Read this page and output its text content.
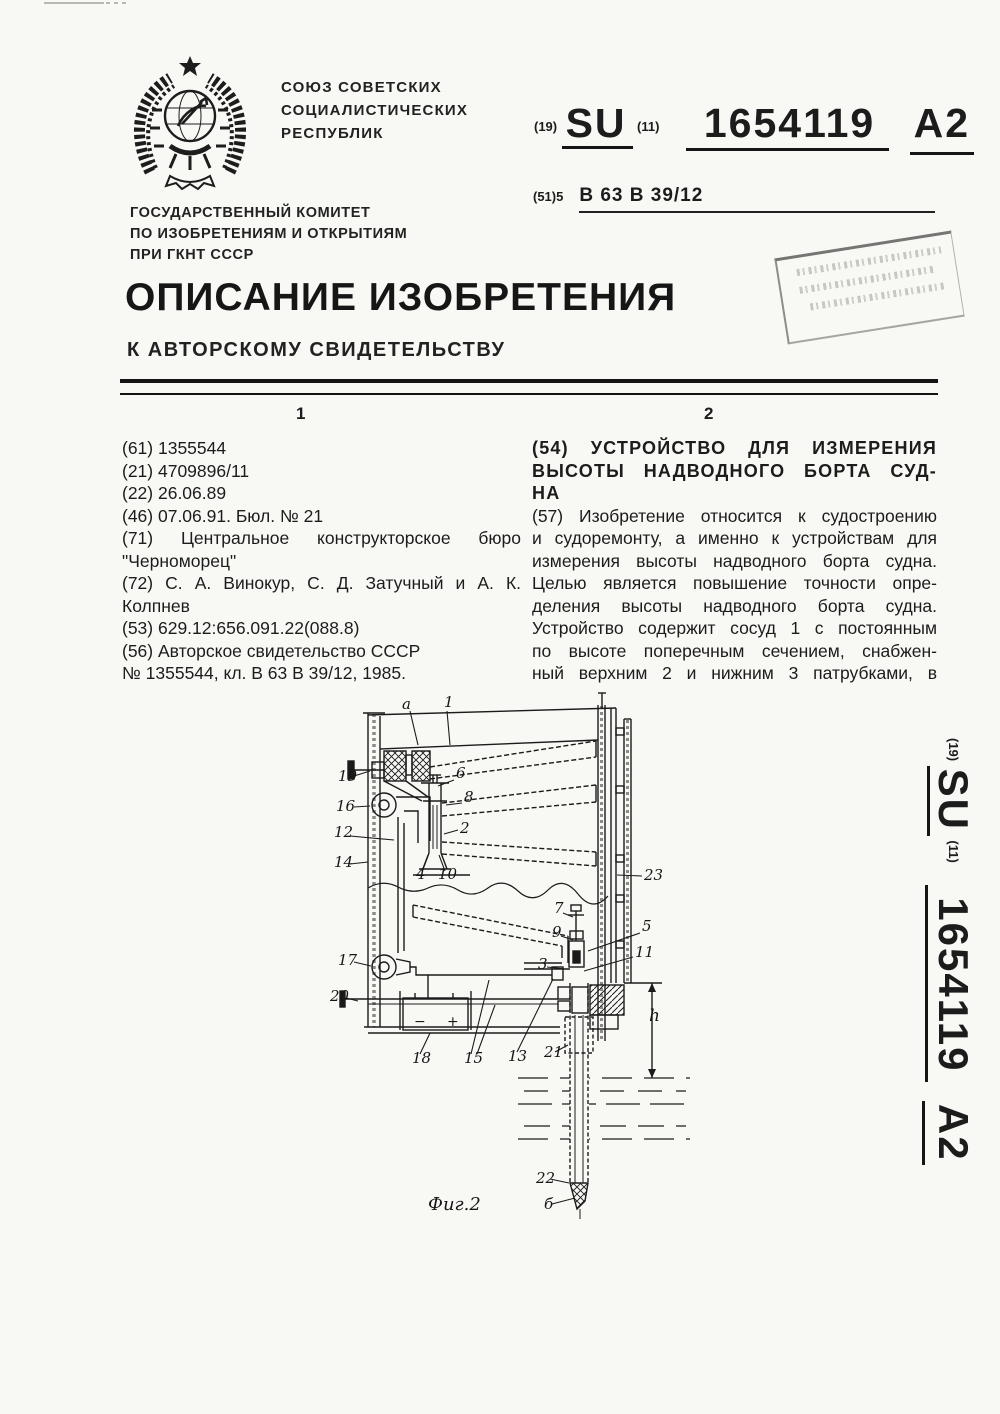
СОЮЗ СОВЕТСКИХ
СОЦИАЛИСТИЧЕСКИХ
РЕСПУБЛИК
ГОСУДАРСТВЕННЫЙ КОМИТЕТ
ПО ИЗОБРЕТЕНИЯМ И ОТКРЫТИЯМ
ПРИ ГКНТ СССР
$^{(19)}$ SU $^{(11)}$ 1654119 A2
(51)5 В 63 В 39/12
ОПИСАНИЕ ИЗОБРЕТЕНИЯ
К АВТОРСКОМУ СВИДЕТЕЛЬСТВУ
1	2
(61) 1355544
(21) 4709896/11
(22) 26.06.89
(46) 07.06.91. Бюл. № 21
(71) Центральное конструкторское бюро
"Черноморец"
(72) С. А. Винокур, С. Д. Затучный и А. К.
Колпнев
(53) 629.12:656.091.22(088.8)
(56) Авторское свидетельство СССР
№ 1355544, кл. В 63 В 39/12, 1985.
(54) УСТРОЙСТВО ДЛЯ ИЗМЕРЕНИЯ
ВЫСОТЫ НАДВОДНОГО БОРТА СУД-
НА
(57) Изобретение относится к судостроению
и судоремонту, а именно к устройствам для
измерения высоты надводного борта судна.
Целью является повышение точности опре-
деления высоты надводного борта судна.
Устройство содержит сосуд 1 с постоянным
по высоте поперечным сечением, снабжен-
ный верхним 2 и нижним 3 патрубками, в
a 1
19	6
8
16
12	2
14
4 10	23
7
9	5
11
3
17
20
18 15 13 21
h
22
б
− +
Фиг.2
$^{(19)}$ SU $^{(11)}$ 1654119 A2
